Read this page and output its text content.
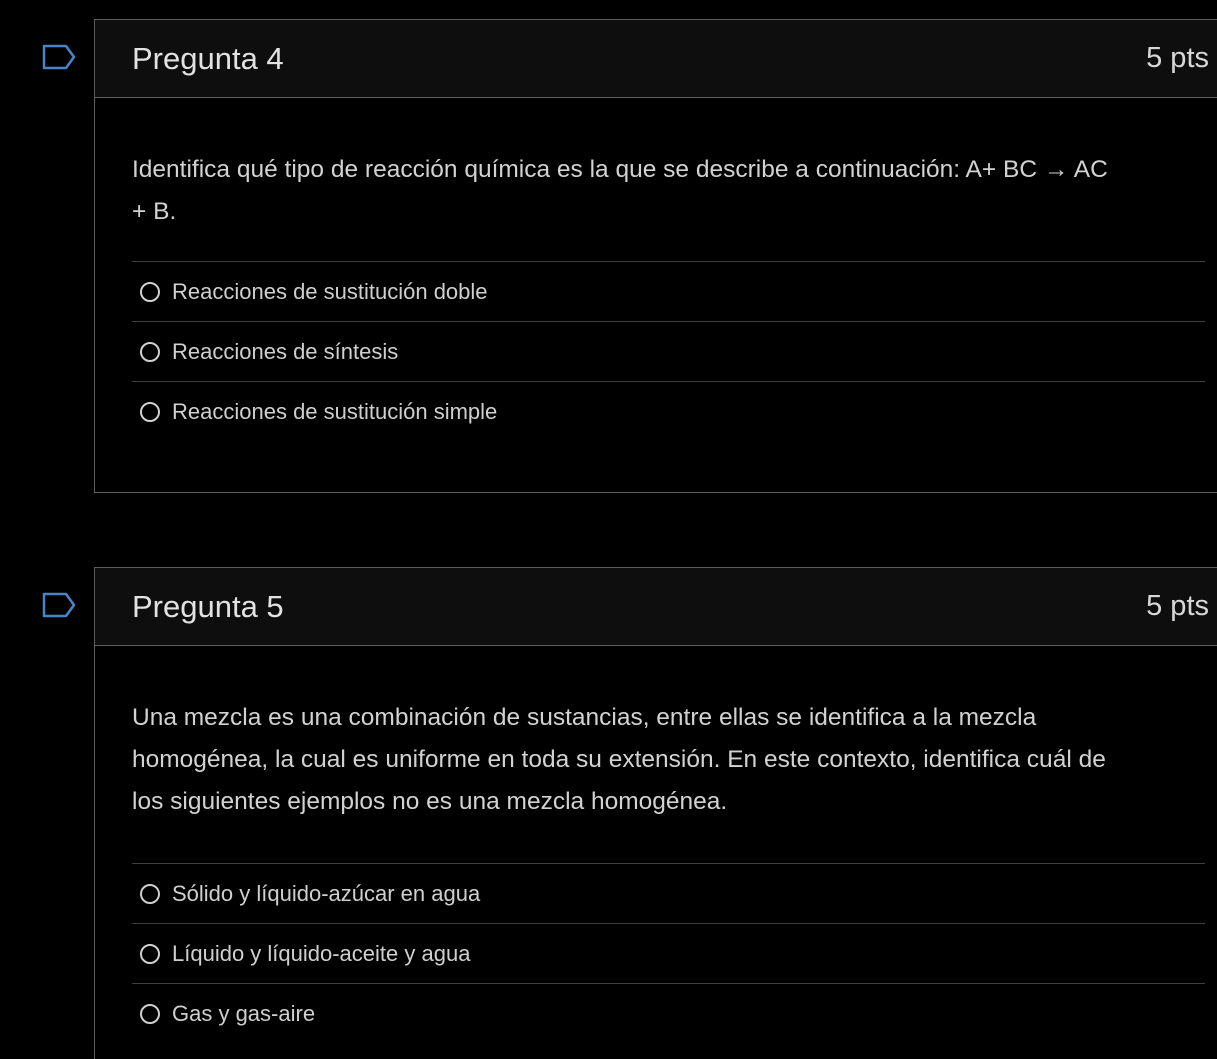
Pregunta 4	5 pts

Identifica qué tipo de reacción química es la que se describe a continuación: A+ BC → AC
+ B.

Reacciones de sustitución doble
Reacciones de síntesis
Reacciones de sustitución simple
Pregunta 5	5 pts

Una mezcla es una combinación de sustancias, entre ellas se identifica a la mezcla
homogénea, la cual es uniforme en toda su extensión. En este contexto, identifica cuál de
los siguientes ejemplos no es una mezcla homogénea.

Sólido y líquido-azúcar en agua
Líquido y líquido-aceite y agua
Gas y gas-aire
